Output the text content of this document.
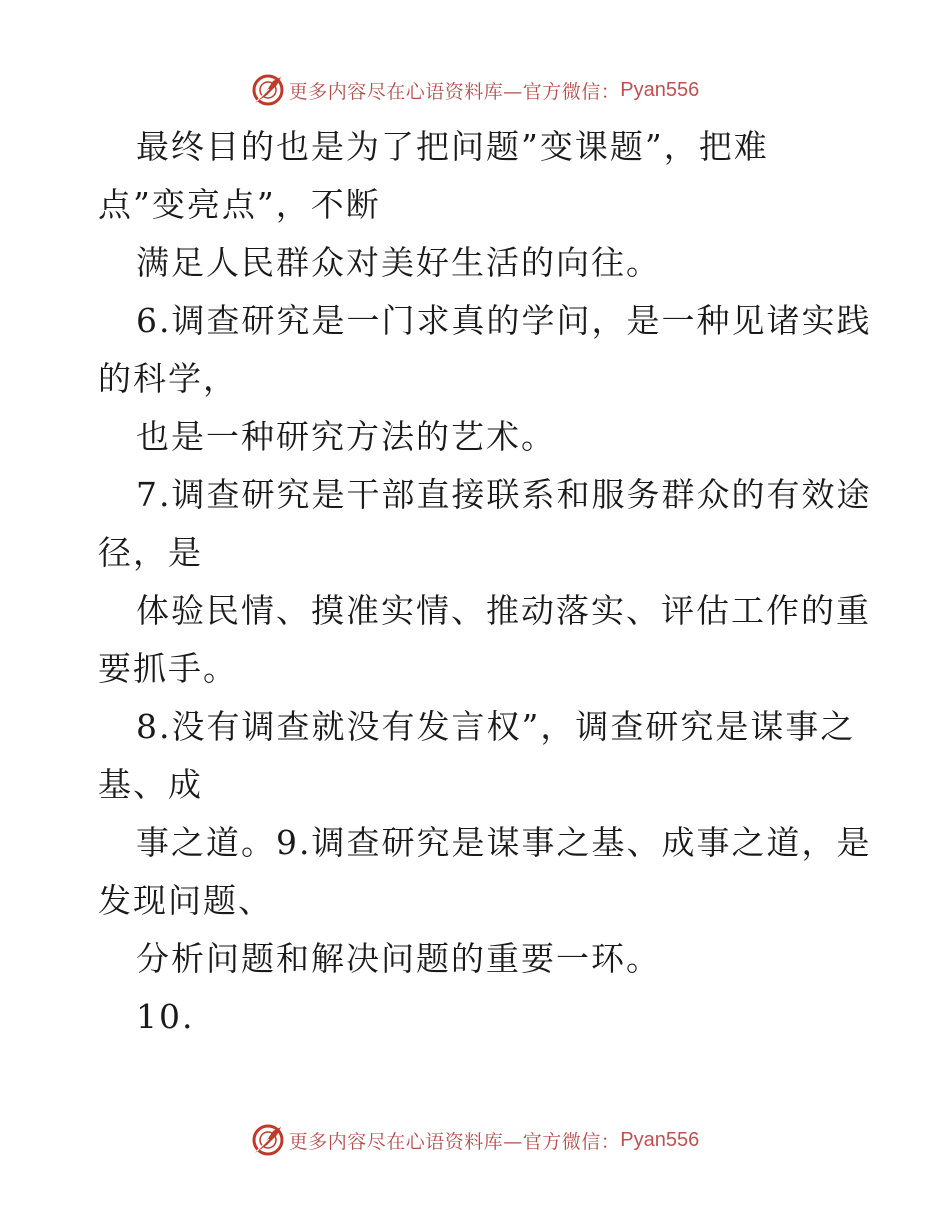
更多内容尽在心语资料库 —官方微信： Pyan556
最终目的也是为了把问题”变课题”，把难
点”变亮点”，不断
满足人民群众对美好生活的向往。
6.调查研究是一门求真的学问，是一种见诸实践
的科学，
也是一种研究方法的艺术。
7.调查研究是干部直接联系和服务群众的有效途
径，是
体验民情、摸准实情、推动落实、评估工作的重
要抓手。
8.没有调查就没有发言权”，调查研究是谋事之
基、成
事之道。9.调查研究是谋事之基、成事之道，是
发现问题、
分析问题和解决问题的重要一环。
10.
更多内容尽在心语资料库 —官方微信： Pyan556
